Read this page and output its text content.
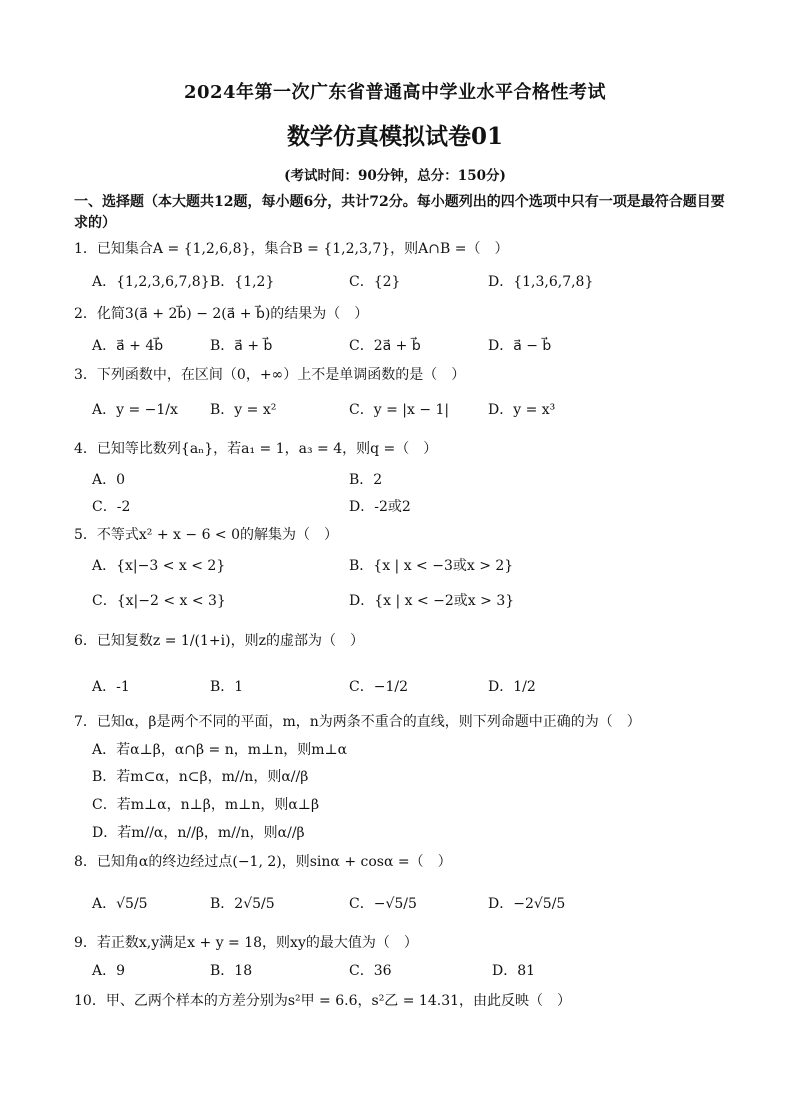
2024年第一次广东省普通高中学业水平合格性考试
数学仿真模拟试卷01
(考试时间：90分钟，总分：150分)
一、选择题（本大题共12题，每小题6分，共计72分。每小题列出的四个选项中只有一项是最符合题目要求的）
1．已知集合A = {1,2,6,8}，集合B = {1,2,3,7}，则A∩B =（　）
A．{1,2,3,6,7,8} B．{1,2}	C．{2}	D．{1,3,6,7,8}
2．化简3(a⃗ + 2b⃗) − 2(a⃗ + b⃗)的结果为（　）
A．a⃗ + 4b⃗	B．a⃗ + b⃗	C．2a⃗ + b⃗	D．a⃗ − b⃗
3．下列函数中，在区间（0，+∞）上不是单调函数的是（　）
A．y = −1/x B．y = x²	C．y = |x − 1|	D．y = x³
4．已知等比数列{aₙ}，若a₁ = 1，a₃ = 4，则q =（　）
A．0	B．2
C．-2	D．-2或2
5．不等式x² + x − 6 < 0的解集为（　）
A．{x|−3 < x < 2}	B．{x | x < −3或x > 2}
C．{x|−2 < x < 3}	D．{x | x < −2或x > 3}
6．已知复数z = 1/(1+i)，则z的虚部为（　）
A．-1	B．1	C．−1/2	D．1/2
7．已知α，β是两个不同的平面，m，n为两条不重合的直线，则下列命题中正确的为（　）
A．若α⊥β，α∩β = n，m⊥n，则m⊥α
B．若m⊂α，n⊂β，m//n，则α//β
C．若m⊥α，n⊥β，m⊥n，则α⊥β
D．若m//α，n//β，m//n，则α//β
8．已知角α的终边经过点(−1, 2)，则sinα + cosα =（　）
A．√5/5	B．2√5/5	C．−√5/5	D．−2√5/5
9．若正数x,y满足x + y = 18，则xy的最大值为（　）
A．9	B．18	C．36	D．81
10．甲、乙两个样本的方差分别为s²甲 = 6.6，s²乙 = 14.31，由此反映（　）
